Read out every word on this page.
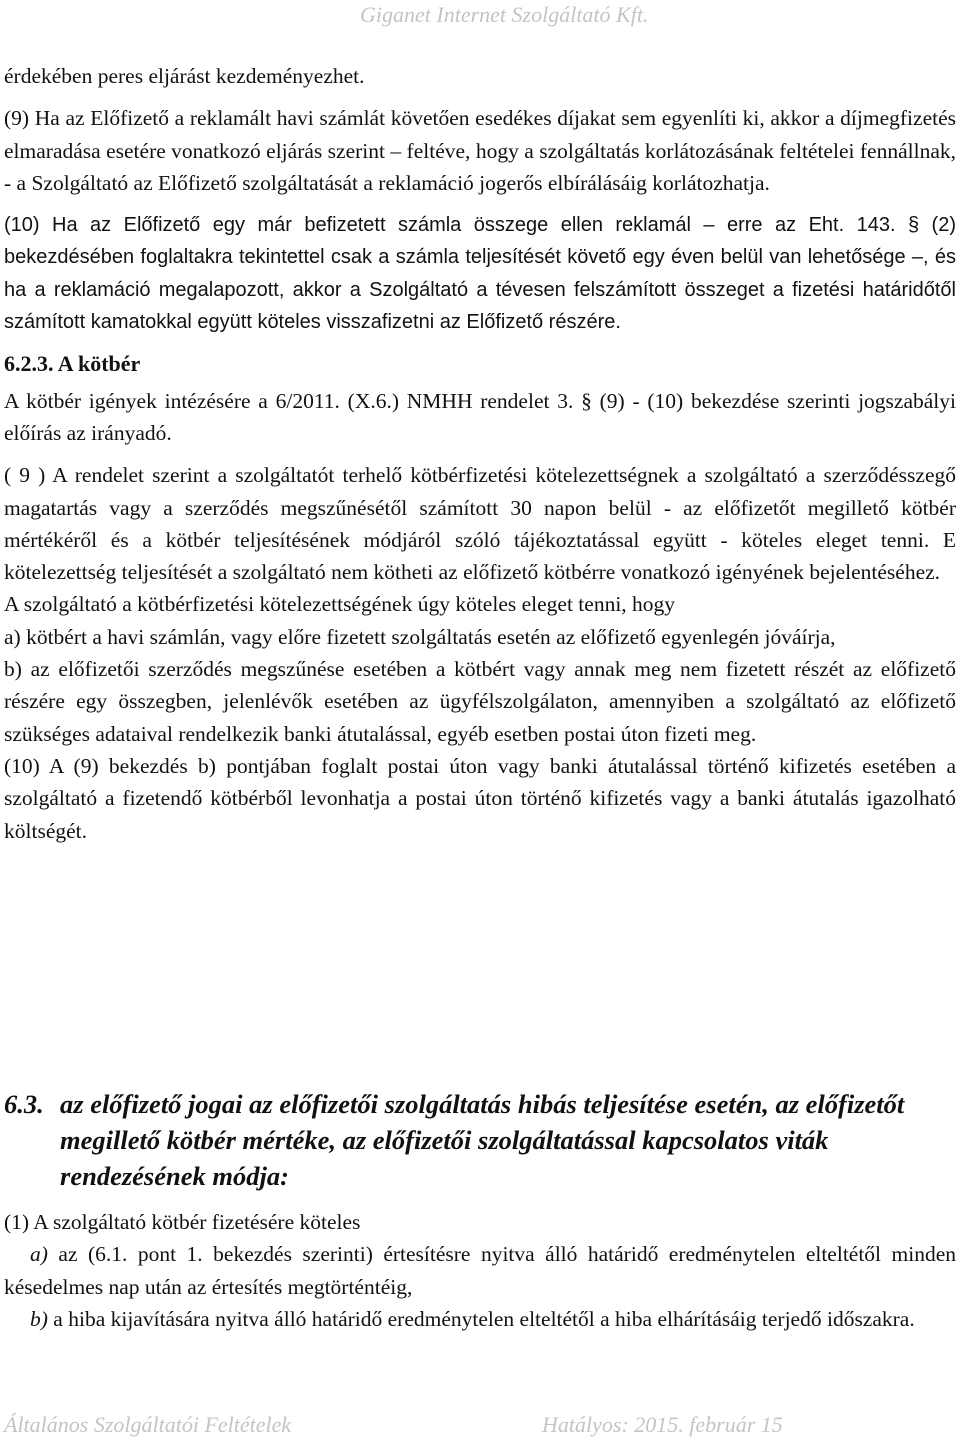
Giganet Internet Szolgáltató Kft.

érdekében peres eljárást kezdeményezhet.

(9) Ha az Előfizető a reklamált havi számlát követően esedékes díjakat sem egyenlíti ki, akkor a díjmegfizetés elmaradása esetére vonatkozó eljárás szerint – feltéve, hogy a szolgáltatás korlátozásának feltételei fennállnak, - a Szolgáltató az Előfizető szolgáltatását a reklamáció jogerős elbírálásáig korlátozhatja.

(10) Ha az Előfizető egy már befizetett számla összege ellen reklamál – erre az Eht. 143. § (2) bekezdésében foglaltakra tekintettel csak a számla teljesítését követő egy éven belül van lehetősége –, és ha a reklamáció megalapozott, akkor a Szolgáltató a tévesen felszámított összeget a fizetési határidőtől számított kamatokkal együtt köteles visszafizetni az Előfizető részére.

6.2.3. A kötbér

A kötbér igények intézésére a 6/2011. (X.6.) NMHH rendelet 3. § (9) - (10) bekezdése szerinti jogszabályi előírás az irányadó.

( 9 ) A rendelet szerint a szolgáltatót terhelő kötbérfizetési kötelezettségnek a szolgáltató a szerződésszegő magatartás vagy a szerződés megszűnésétől számított 30 napon belül - az előfizetőt megillető kötbér mértékéről és a kötbér teljesítésének módjáról szóló tájékoztatással együtt - köteles eleget tenni. E kötelezettség teljesítését a szolgáltató nem kötheti az előfizető kötbérre vonatkozó igényének bejelentéséhez.

A szolgáltató a kötbérfizetési kötelezettségének úgy köteles eleget tenni, hogy

a) kötbért a havi számlán, vagy előre fizetett szolgáltatás esetén az előfizető egyenlegén jóváírja,

b) az előfizetői szerződés megszűnése esetében a kötbért vagy annak meg nem fizetett részét az előfizető részére egy összegben, jelenlévők esetében az ügyfélszolgálaton, amennyiben a szolgáltató az előfizető szükséges adataival rendelkezik banki átutalással, egyéb esetben postai úton fizeti meg.

(10) A (9) bekezdés b) pontjában foglalt postai úton vagy banki átutalással történő kifizetés esetében a szolgáltató a fizetendő kötbérből levonhatja a postai úton történő kifizetés vagy a banki átutalás igazolható költségét.

6.3. az előfizető jogai az előfizetői szolgáltatás hibás teljesítése esetén, az előfizetőt megillető kötbér mértéke, az előfizetői szolgáltatással kapcsolatos viták rendezésének módja:

(1) A szolgáltató kötbér fizetésére köteles

a) az (6.1. pont 1. bekezdés szerinti) értesítésre nyitva álló határidő eredménytelen elteltétől minden késedelmes nap után az értesítés megtörténtéig,

b) a hiba kijavítására nyitva álló határidő eredménytelen elteltétől a hiba elhárításáig terjedő időszakra.

Általános Szolgáltatói Feltételek	Hatályos: 2015. február 15
